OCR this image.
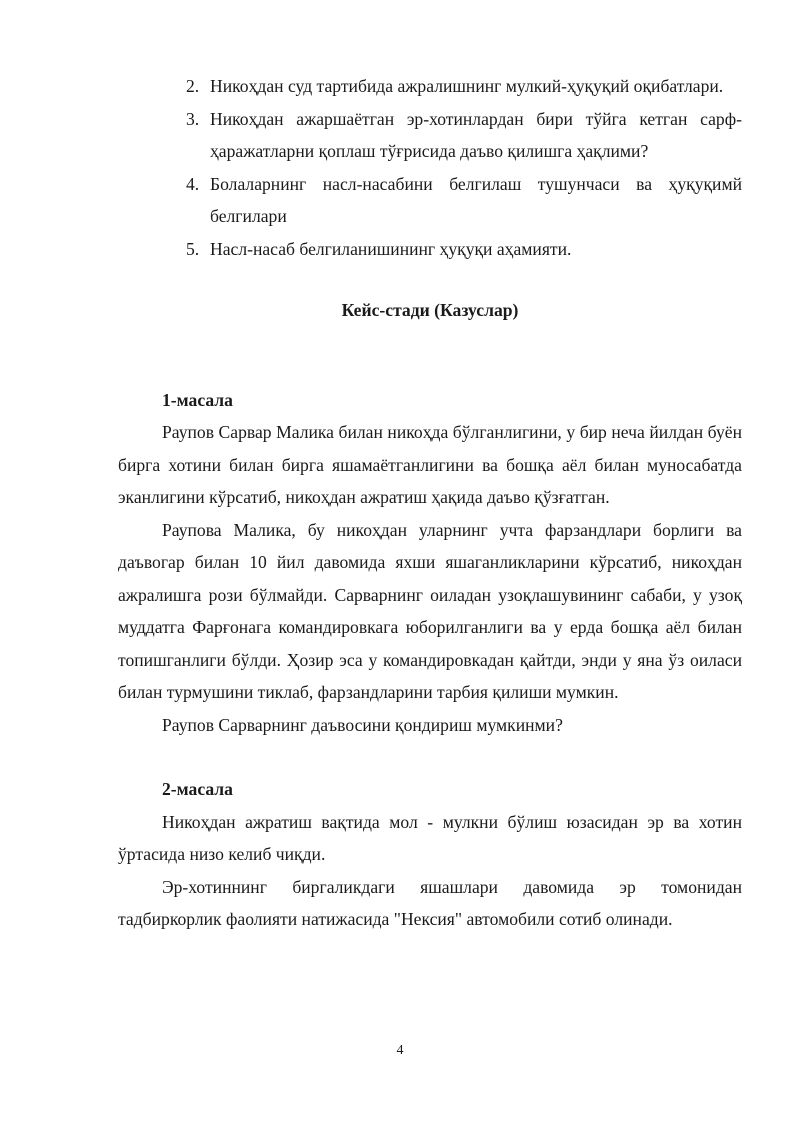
2. Никоҳдан суд тартибида ажралишнинг мулкий-ҳуқуқий оқибатлари.
3. Никоҳдан ажаршаётган эр-хотинлардан бири тўйга кетган сарф-ҳаражатларни қоплаш тўғрисида даъво қилишга ҳақлими?
4. Болаларнинг насл-насабини белгилаш тушунчаси ва ҳуқуқимй белгилари
5. Насл-насаб белгиланишининг ҳуқуқи аҳамияти.
Кейс-стади (Казуслар)

1-масала

Раупов Сарвар Малика билан никоҳда бўлганлигини, у бир неча йилдан буён бирга хотини билан бирга яшамаётганлигини ва бошқа аёл билан муносабатда эканлигини кўрсатиб, никоҳдан ажратиш ҳақида даъво қўзғатган.

Раупова Малика, бу никоҳдан уларнинг учта фарзандлари борлиги ва даъвогар билан 10 йил давомида яхши яшаганликларини кўрсатиб, никоҳдан ажралишга рози бўлмайди. Сарварнинг оиладан узоқлашувининг сабаби, у узоқ муддатга Фарғонага командировкага юборилганлиги ва у ерда бошқа аёл билан топишганлиги бўлди. Ҳозир эса у командировкадан қайтди, энди у яна ўз оиласи билан турмушини тиклаб, фарзандларини тарбия қилиши мумкин.

Раупов Сарварнинг даъвосини қондириш мумкинми?

2-масала

Никоҳдан ажратиш вақтида мол - мулкни бўлиш юзасидан эр ва хотин ўртасида низо келиб чиқди.

Эр-хотиннинг биргаликдаги яшашлари давомида эр томонидан тадбиркорлик фаолияти натижасида "Нексия" автомобили сотиб олинади.

4
